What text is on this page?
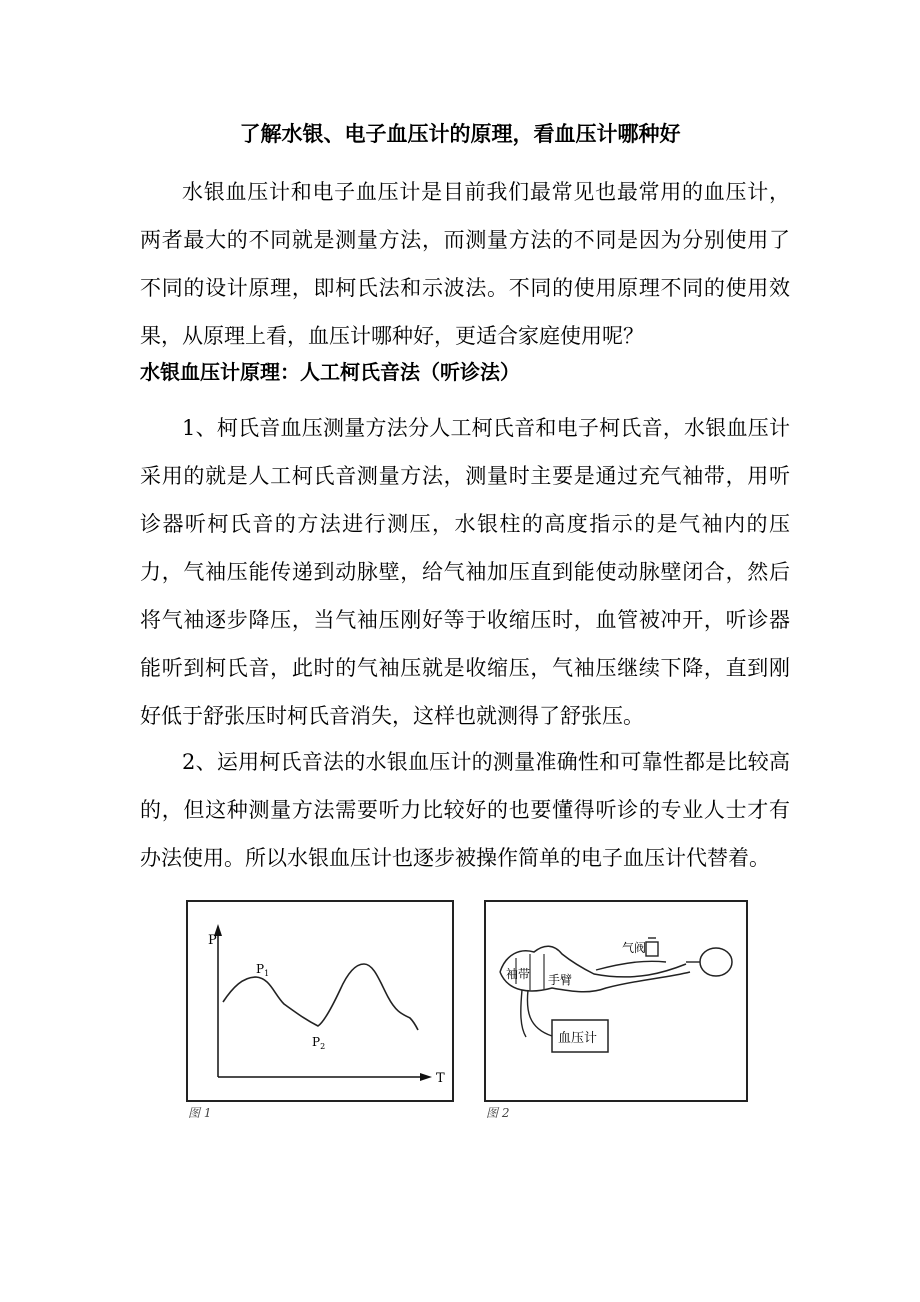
了解水银、电子血压计的原理，看血压计哪种好
水银血压计和电子血压计是目前我们最常见也最常用的血压计，两者最大的不同就是测量方法，而测量方法的不同是因为分别使用了不同的设计原理，即柯氏法和示波法。不同的使用原理不同的使用效果，从原理上看，血压计哪种好，更适合家庭使用呢？
水银血压计原理：人工柯氏音法（听诊法）
1、柯氏音血压测量方法分人工柯氏音和电子柯氏音，水银血压计采用的就是人工柯氏音测量方法，测量时主要是通过充气袖带，用听诊器听柯氏音的方法进行测压，水银柱的高度指示的是气袖内的压力，气袖压能传递到动脉壁，给气袖加压直到能使动脉壁闭合，然后将气袖逐步降压，当气袖压刚好等于收缩压时，血管被冲开，听诊器能听到柯氏音，此时的气袖压就是收缩压，气袖压继续下降，直到刚好低于舒张压时柯氏音消失，这样也就测得了舒张压。
2、运用柯氏音法的水银血压计的测量准确性和可靠性都是比较高的，但这种测量方法需要听力比较好的也要懂得听诊的专业人士才有办法使用。所以水银血压计也逐步被操作简单的电子血压计代替着。
P
T
$P_1$
$P_2$
图 1
袖带 手臂
气阀
血压计
图 2
